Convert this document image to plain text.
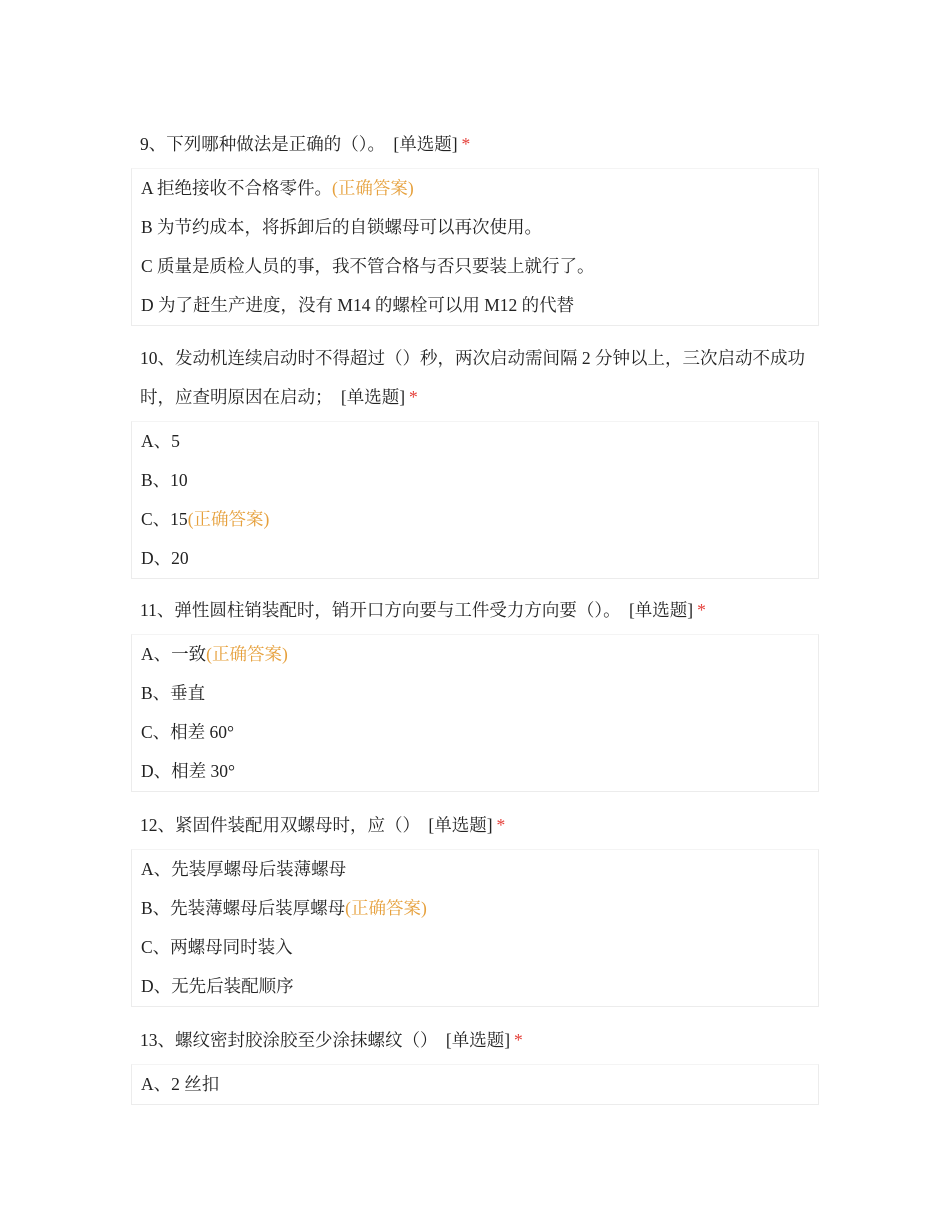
9、下列哪种做法是正确的（）。 [单选题] *
A 拒绝接收不合格零件。(正确答案)
B 为节约成本，将拆卸后的自锁螺母可以再次使用。
C 质量是质检人员的事，我不管合格与否只要装上就行了。
D 为了赶生产进度，没有 M14 的螺栓可以用 M12 的代替
10、发动机连续启动时不得超过（）秒，两次启动需间隔 2 分钟以上，三次启动不成功时，应查明原因在启动； [单选题] *
A、5
B、10
C、15(正确答案)
D、20
11、弹性圆柱销装配时，销开口方向要与工件受力方向要（）。 [单选题] *
A、一致(正确答案)
B、垂直
C、相差 60°
D、相差 30°
12、紧固件装配用双螺母时，应（） [单选题] *
A、先装厚螺母后装薄螺母
B、先装薄螺母后装厚螺母(正确答案)
C、两螺母同时装入
D、无先后装配顺序
13、螺纹密封胶涂胶至少涂抹螺纹（） [单选题] *
A、2 丝扣
